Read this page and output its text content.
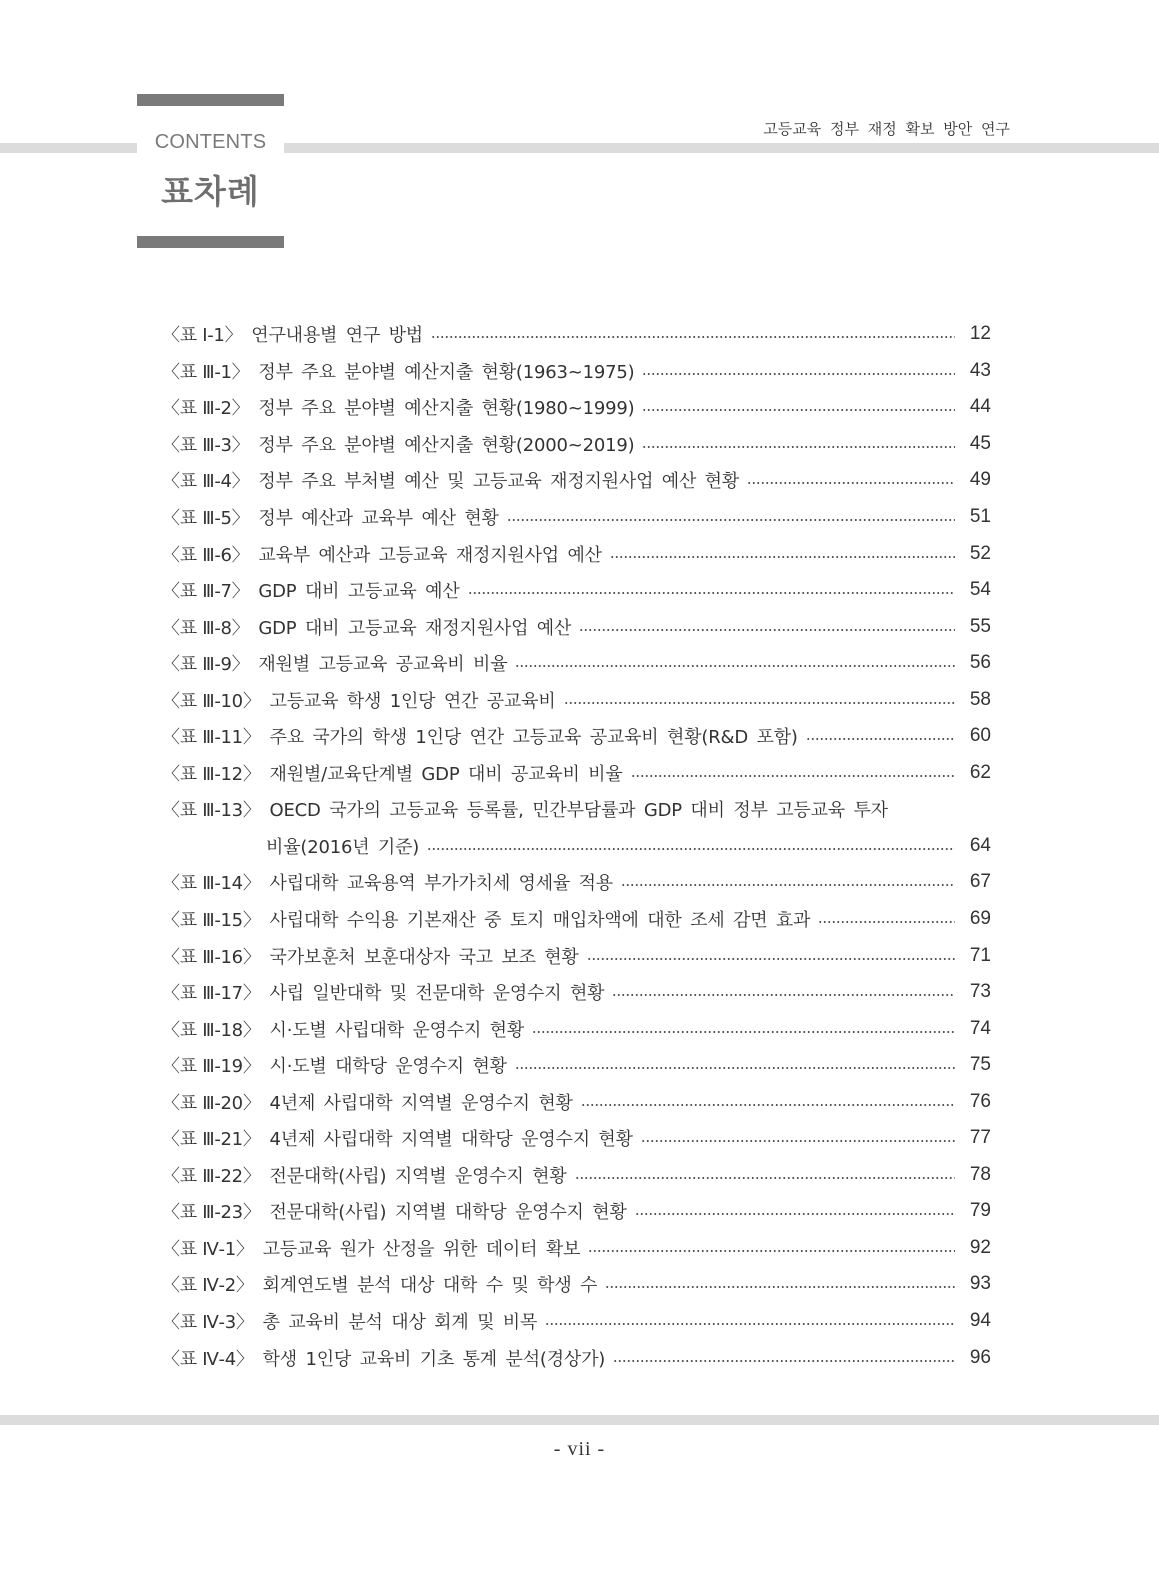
CONTENTS
표차례
고등교육 정부 재정 확보 방안 연구
〈표 Ⅰ-1〉 연구내용별 연구 방법	12
〈표 Ⅲ-1〉 정부 주요 분야별 예산지출 현황(1963~1975)	43
〈표 Ⅲ-2〉 정부 주요 분야별 예산지출 현황(1980~1999)	44
〈표 Ⅲ-3〉 정부 주요 분야별 예산지출 현황(2000~2019)	45
〈표 Ⅲ-4〉 정부 주요 부처별 예산 및 고등교육 재정지원사업 예산 현황	49
〈표 Ⅲ-5〉 정부 예산과 교육부 예산 현황	51
〈표 Ⅲ-6〉 교육부 예산과 고등교육 재정지원사업 예산	52
〈표 Ⅲ-7〉 GDP 대비 고등교육 예산	54
〈표 Ⅲ-8〉 GDP 대비 고등교육 재정지원사업 예산	55
〈표 Ⅲ-9〉 재원별 고등교육 공교육비 비율	56
〈표 Ⅲ-10〉 고등교육 학생 1인당 연간 공교육비	58
〈표 Ⅲ-11〉 주요 국가의 학생 1인당 연간 고등교육 공교육비 현황(R&D 포함)	60
〈표 Ⅲ-12〉 재원별/교육단계별 GDP 대비 공교육비 비율	62
〈표 Ⅲ-13〉 OECD 국가의 고등교육 등록률, 민간부담률과 GDP 대비 정부 고등교육 투자
비율(2016년 기준)	64
〈표 Ⅲ-14〉 사립대학 교육용역 부가가치세 영세율 적용	67
〈표 Ⅲ-15〉 사립대학 수익용 기본재산 중 토지 매입차액에 대한 조세 감면 효과	69
〈표 Ⅲ-16〉 국가보훈처 보훈대상자 국고 보조 현황	71
〈표 Ⅲ-17〉 사립 일반대학 및 전문대학 운영수지 현황	73
〈표 Ⅲ-18〉 시·도별 사립대학 운영수지 현황	74
〈표 Ⅲ-19〉 시·도별 대학당 운영수지 현황	75
〈표 Ⅲ-20〉 4년제 사립대학 지역별 운영수지 현황	76
〈표 Ⅲ-21〉 4년제 사립대학 지역별 대학당 운영수지 현황	77
〈표 Ⅲ-22〉 전문대학(사립) 지역별 운영수지 현황	78
〈표 Ⅲ-23〉 전문대학(사립) 지역별 대학당 운영수지 현황	79
〈표 Ⅳ-1〉 고등교육 원가 산정을 위한 데이터 확보	92
〈표 Ⅳ-2〉 회계연도별 분석 대상 대학 수 및 학생 수	93
〈표 Ⅳ-3〉 총 교육비 분석 대상 회계 및 비목	94
〈표 Ⅳ-4〉 학생 1인당 교육비 기초 통계 분석(경상가)	96
- vii -
